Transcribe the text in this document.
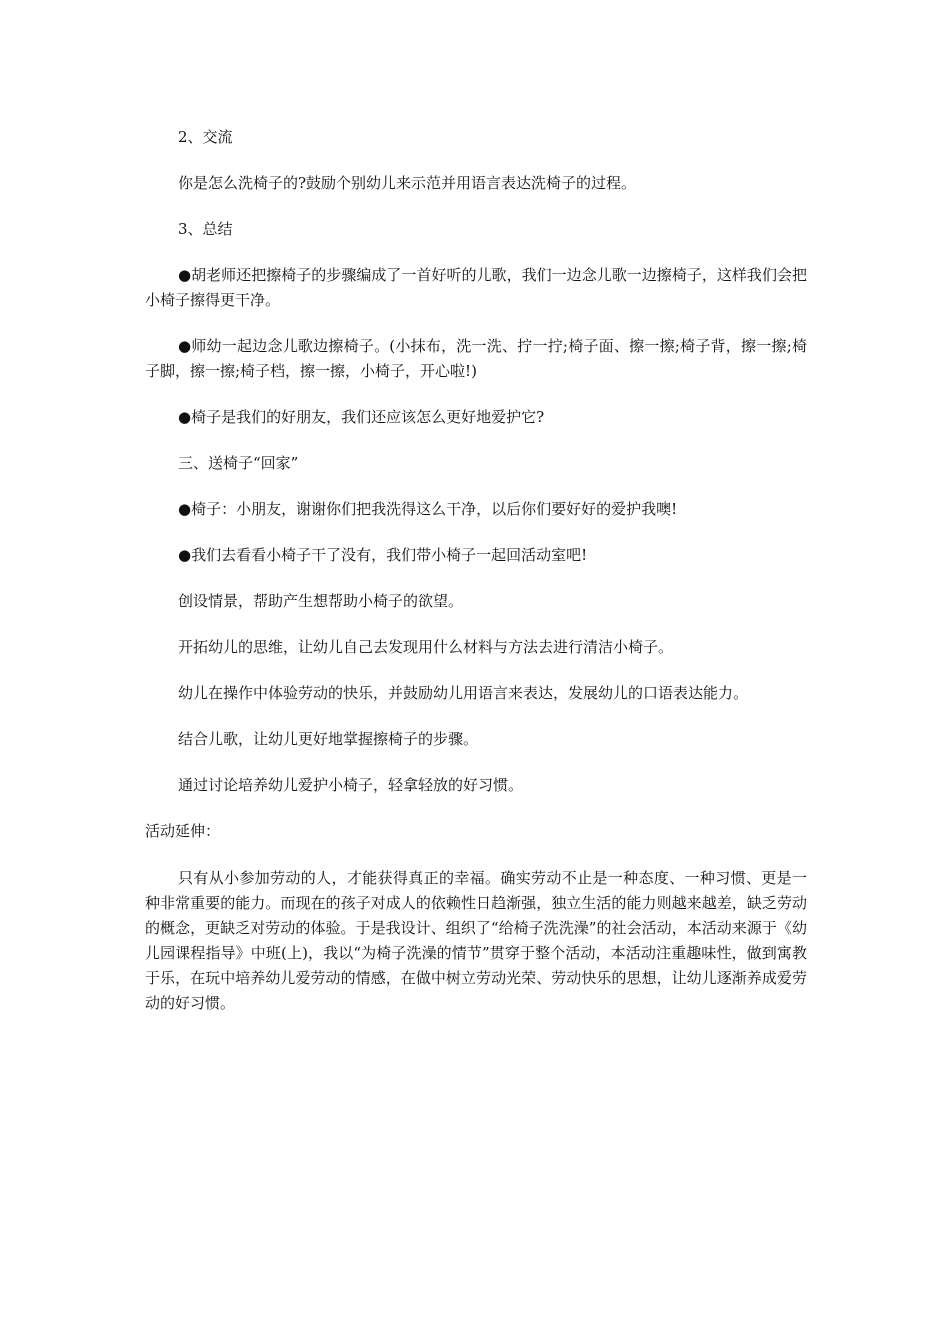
2、交流

你是怎么洗椅子的?鼓励个别幼儿来示范并用语言表达洗椅子的过程。

3、总结

●胡老师还把擦椅子的步骤编成了一首好听的儿歌，我们一边念儿歌一边擦椅子，这样我们会把小椅子擦得更干净。

●师幼一起边念儿歌边擦椅子。(小抹布，洗一洗、拧一拧;椅子面、擦一擦;椅子背，擦一擦;椅子脚，擦一擦;椅子档，擦一擦，小椅子，开心啦!)

●椅子是我们的好朋友，我们还应该怎么更好地爱护它?

三、送椅子“回家”

●椅子：小朋友，谢谢你们把我洗得这么干净，以后你们要好好的爱护我噢!

●我们去看看小椅子干了没有，我们带小椅子一起回活动室吧!

创设情景，帮助产生想帮助小椅子的欲望。

开拓幼儿的思维，让幼儿自己去发现用什么材料与方法去进行清洁小椅子。

幼儿在操作中体验劳动的快乐，并鼓励幼儿用语言来表达，发展幼儿的口语表达能力。

结合儿歌，让幼儿更好地掌握擦椅子的步骤。

通过讨论培养幼儿爱护小椅子，轻拿轻放的好习惯。

活动延伸：

只有从小参加劳动的人，才能获得真正的幸福。确实劳动不止是一种态度、一种习惯、更是一种非常重要的能力。而现在的孩子对成人的依赖性日趋渐强，独立生活的能力则越来越差，缺乏劳动的概念，更缺乏对劳动的体验。于是我设计、组织了“给椅子洗洗澡”的社会活动，本活动来源于《幼儿园课程指导》中班(上)，我以“为椅子洗澡的情节”贯穿于整个活动，本活动注重趣味性，做到寓教于乐，在玩中培养幼儿爱劳动的情感，在做中树立劳动光荣、劳动快乐的思想，让幼儿逐渐养成爱劳动的好习惯。
